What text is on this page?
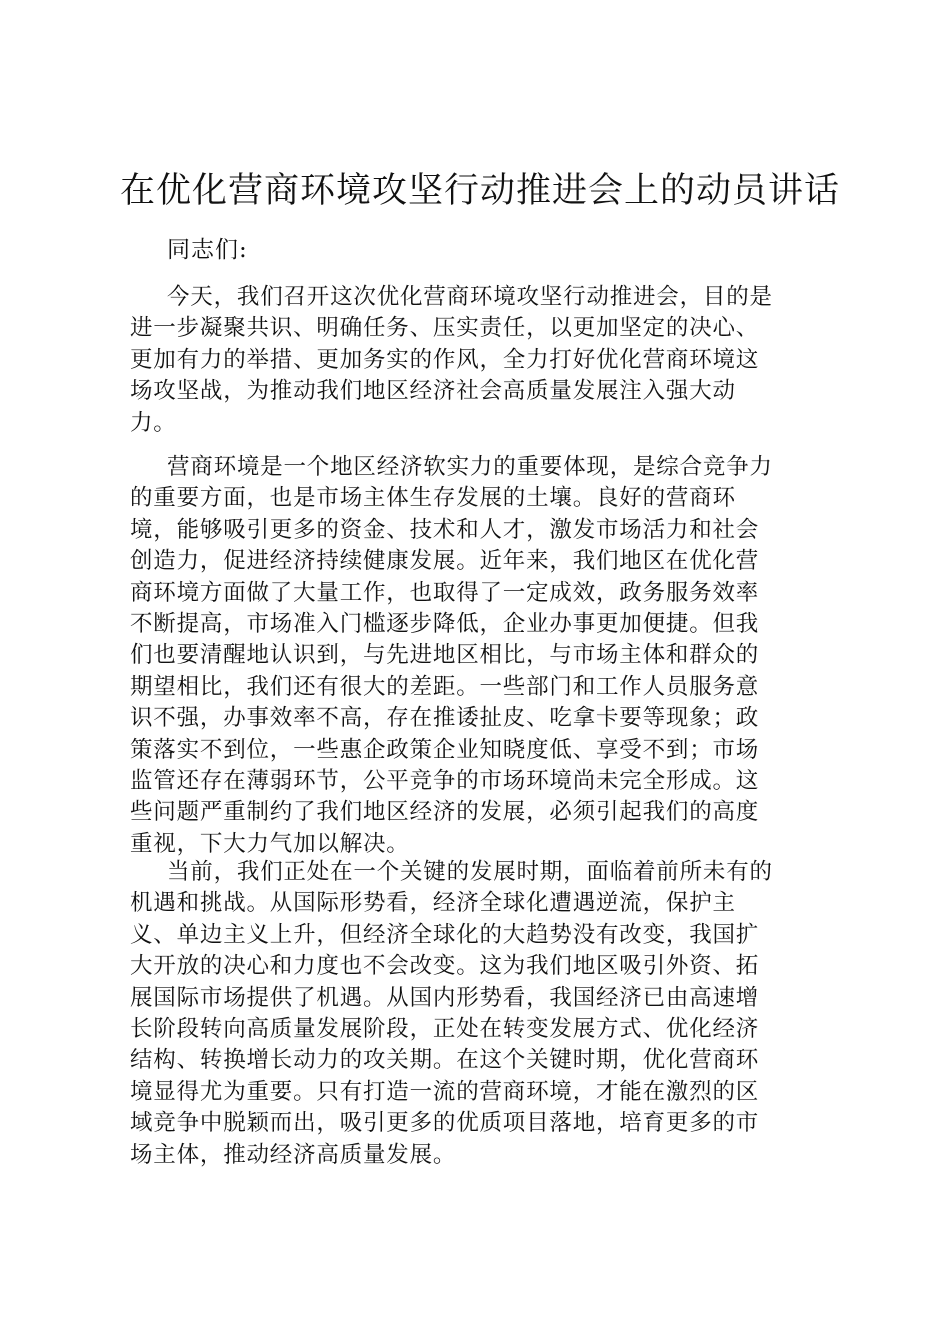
在优化营商环境攻坚行动推进会上的动员讲话
同志们:
今天，我们召开这次优化营商环境攻坚行动推进会，目的是
进一步凝聚共识、明确任务、压实责任，以更加坚定的决心、
更加有力的举措、更加务实的作风，全力打好优化营商环境这
场攻坚战，为推动我们地区经济社会高质量发展注入强大动
力。
营商环境是一个地区经济软实力的重要体现，是综合竞争力
的重要方面，也是市场主体生存发展的土壤。良好的营商环
境，能够吸引更多的资金、技术和人才，激发市场活力和社会
创造力，促进经济持续健康发展。近年来，我们地区在优化营
商环境方面做了大量工作，也取得了一定成效，政务服务效率
不断提高，市场准入门槛逐步降低，企业办事更加便捷。但我
们也要清醒地认识到，与先进地区相比，与市场主体和群众的
期望相比，我们还有很大的差距。一些部门和工作人员服务意
识不强，办事效率不高，存在推诿扯皮、吃拿卡要等现象；政
策落实不到位，一些惠企政策企业知晓度低、享受不到；市场
监管还存在薄弱环节，公平竞争的市场环境尚未完全形成。这
些问题严重制约了我们地区经济的发展，必须引起我们的高度
重视，下大力气加以解决。
当前，我们正处在一个关键的发展时期，面临着前所未有的
机遇和挑战。从国际形势看，经济全球化遭遇逆流，保护主
义、单边主义上升，但经济全球化的大趋势没有改变，我国扩
大开放的决心和力度也不会改变。这为我们地区吸引外资、拓
展国际市场提供了机遇。从国内形势看，我国经济已由高速增
长阶段转向高质量发展阶段，正处在转变发展方式、优化经济
结构、转换增长动力的攻关期。在这个关键时期，优化营商环
境显得尤为重要。只有打造一流的营商环境，才能在激烈的区
域竞争中脱颖而出，吸引更多的优质项目落地，培育更多的市
场主体，推动经济高质量发展。
